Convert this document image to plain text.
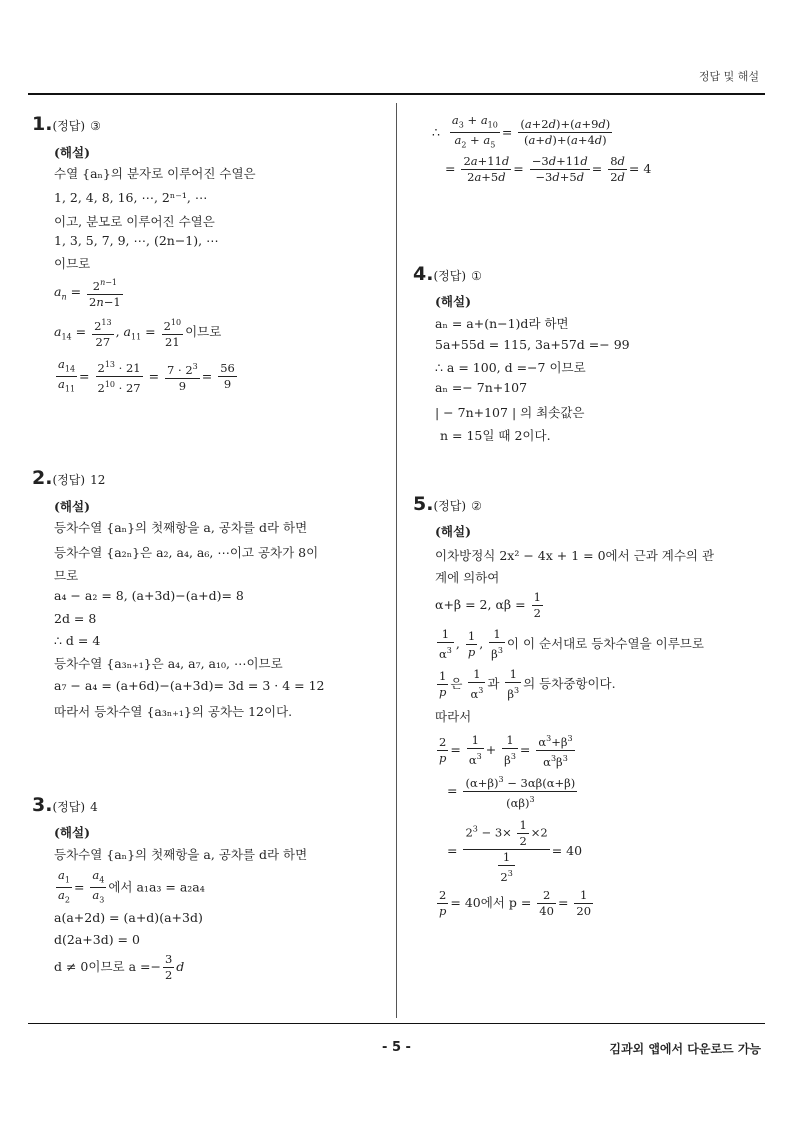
정답 및 해설
1.(정답) ③
(해설)
수열 {aₙ}의 분자로 이루어진 수열은
1, 2, 4, 8, 16, ⋯, 2ⁿ⁻¹, ⋯
이고, 분모로 이루어진 수열은
1, 3, 5, 7, 9, ⋯, (2n−1), ⋯
이므로
$a_n = \frac{2^{n-1}}{2n-1}$
$a_{14} = \frac{2^{13}}{27}$ , $a_{11} = \frac{2^{10}}{21}$ 이므로
$\frac{a_{14}}{a_{11}} = \frac{2^{13} \cdot 21}{2^{10} \cdot 27} = \frac{7 \cdot 2^3}{9} = \frac{56}{9}$
2.(정답) 12
(해설)
등차수열 {aₙ}의 첫째항을 a, 공차를 d라 하면
등차수열 {a₂ₙ}은 a₂, a₄, a₆, ⋯이고 공차가 8이
므로
a₄ − a₂ = 8, (a+3d)−(a+d)= 8
2d = 8
∴ d = 4
등차수열 {a₃ₙ₊₁}은 a₄, a₇, a₁₀, ⋯이므로
a₇ − a₄ = (a+6d)−(a+3d)= 3d = 3 · 4 = 12
따라서 등차수열 {a₃ₙ₊₁}의 공차는 12이다.
3.(정답) 4
(해설)
등차수열 {aₙ}의 첫째항을 a, 공차를 d라 하면
$\frac{a_1}{a_2} = \frac{a_4}{a_3}$ 에서 a₁a₃ = a₂a₄
a(a+2d) = (a+d)(a+3d)
d(2a+3d) = 0
d ≠ 0이므로 $a =- \frac{3}{2}$ d
∴ $\frac{a_3 + a_{10}}{a_2 + a_5} = \frac{(a+2d)+(a+9d)}{(a+d)+(a+4d)}$
= $\frac{2a+11d}{2a+5d} = \frac{-3d+11d}{-3d+5d} = \frac{8d}{2d} = 4$
4.(정답) ①
(해설)
aₙ = a+(n−1)d라 하면
5a+55d = 115, 3a+57d =− 99
∴ a = 100, d =−7 이므로
aₙ =− 7n+107
| − 7n+107 | 의 최솟값은
n = 15일 때 2이다.
5.(정답) ②
(해설)
이차방정식 2x² − 4x + 1 = 0에서 근과 계수의 관
계에 의하여
α+β = 2, $\alpha\beta = \frac{1}{2}$
$\frac{1}{\alpha^3}$ , $\frac{1}{p}$ , $\frac{1}{\beta^3}$ 이 이 순서대로 등차수열을 이루므로
$\frac{1}{p}$ 은 $\frac{1}{\alpha^3}$ 과 $\frac{1}{\beta^3}$ 의 등차중항이다.
따라서
$\frac{2}{p} = \frac{1}{\alpha^3} + \frac{1}{\beta^3} = \frac{\alpha^3+\beta^3}{\alpha^3\beta^3}$
= $\frac{(\alpha+\beta)^3 - 3\alpha\beta(\alpha+\beta)}{(\alpha\beta)^3}$
= $\frac{2^3 - 3\times \frac{1}{2} \times 2}{\frac{1}{2^3}} = 40$
$\frac{2}{p} = 40$에서 $p = \frac{2}{40} = \frac{1}{20}$
- 5 -	김과외 앱에서 다운로드 가능
